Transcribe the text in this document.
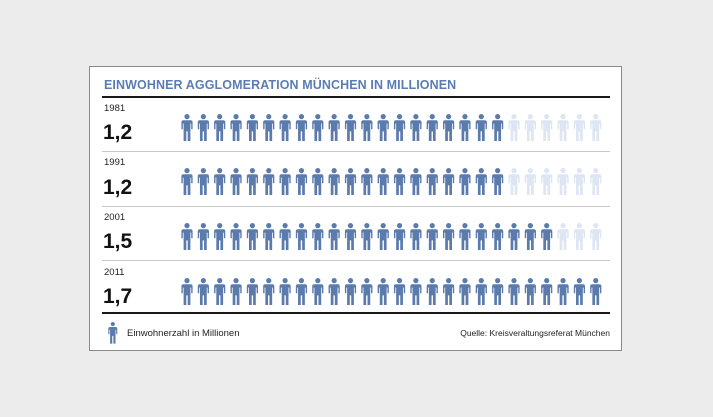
EINWOHNER AGGLOMERATION MÜNCHEN IN MILLIONEN
1981
1,2
1991
1,2
2001
1,5
2011
1,7
Einwohnerzahl in Millionen	Quelle: Kreisveraltungsreferat München
